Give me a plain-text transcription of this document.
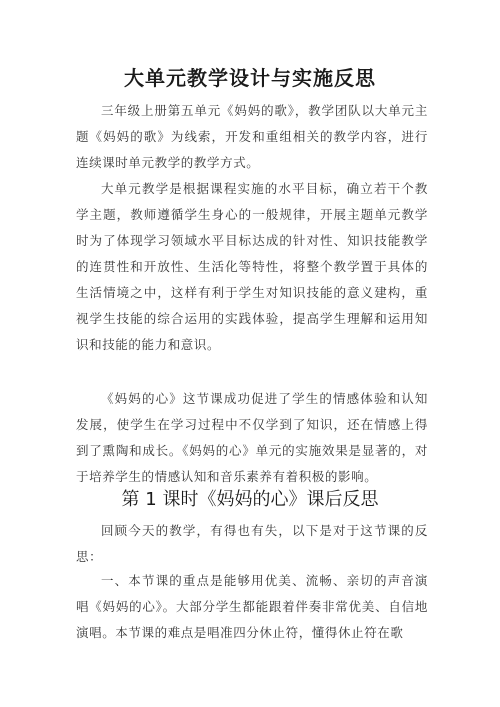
大单元教学设计与实施反思
三年级上册第五单元《妈妈的歌》，教学团队以大单元主题《妈妈的歌》为线索，开发和重组相关的教学内容，进行连续课时单元教学的教学方式。
大单元教学是根据课程实施的水平目标，确立若干个教学主题，教师遵循学生身心的一般规律，开展主题单元教学时为了体现学习领域水平目标达成的针对性、知识技能教学的连贯性和开放性、生活化等特性，将整个教学置于具体的生活情境之中，这样有利于学生对知识技能的意义建构，重视学生技能的综合运用的实践体验，提高学生理解和运用知识和技能的能力和意识。
《妈妈的心》这节课成功促进了学生的情感体验和认知发展，使学生在学习过程中不仅学到了知识，还在情感上得到了熏陶和成长。《妈妈的心》单元的实施效果是显著的，对于培养学生的情感认知和音乐素养有着积极的影响。
第 1 课时《妈妈的心》课后反思
回顾今天的教学，有得也有失，以下是对于这节课的反思：
一、本节课的重点是能够用优美、流畅、亲切的声音演唱《妈妈的心》。大部分学生都能跟着伴奏非常优美、自信地演唱。本节课的难点是唱准四分休止符，懂得休止符在歌
